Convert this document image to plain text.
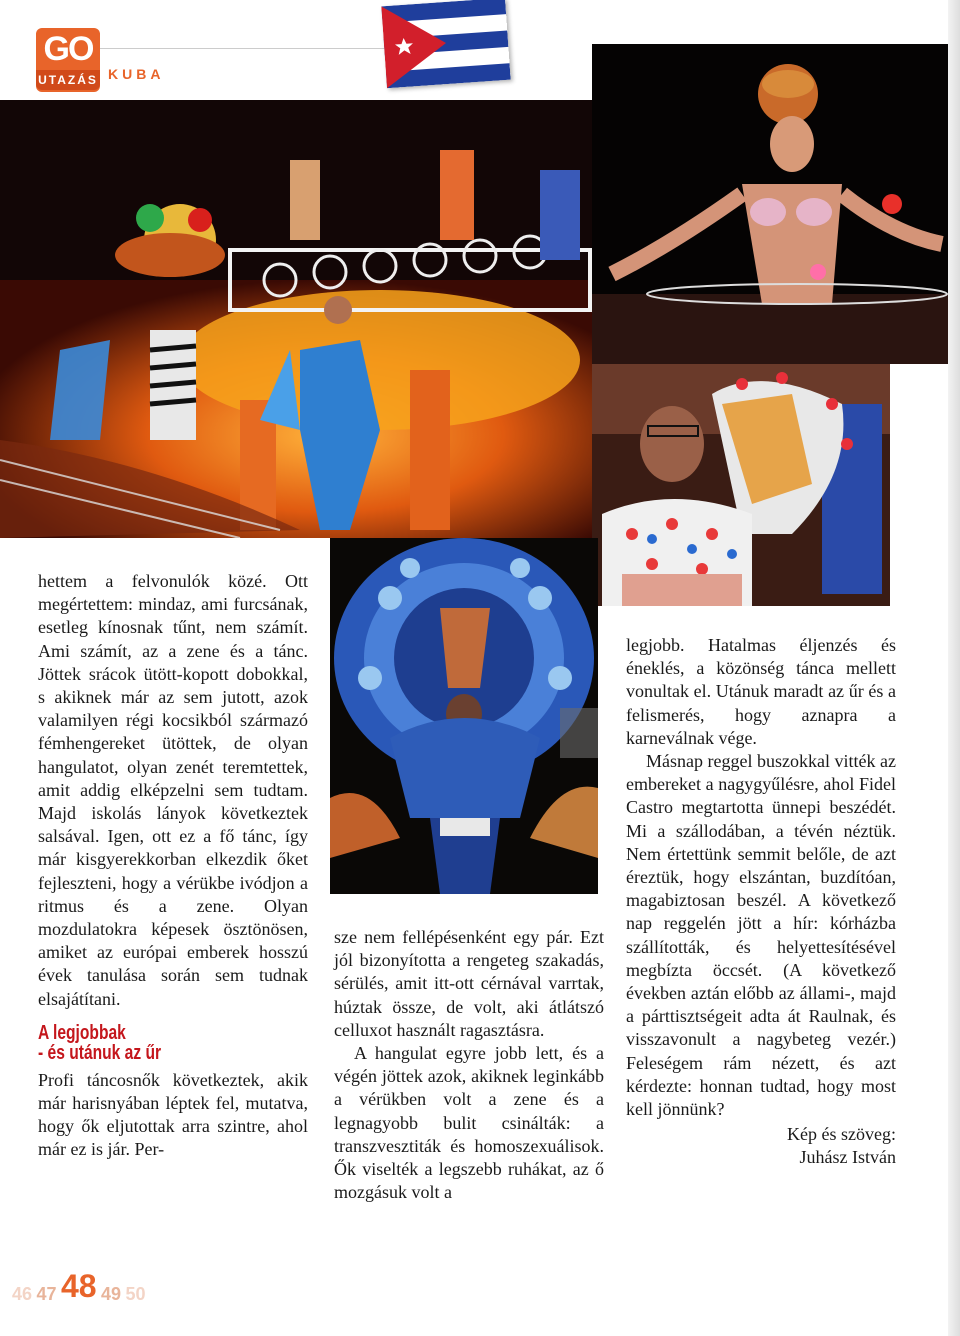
GO
UTAZÁS KUBA

hettem a felvonulók közé. Ott megértettem: mindaz, ami furcsának, esetleg kínosnak tűnt, nem számít. Ami számít, az a zene és a tánc. Jöttek srácok ütött-kopott dobokkal, s akiknek már az sem jutott, azok valamilyen régi kocsikból származó fémhengereket ütöttek, de olyan hangulatot, olyan zenét teremtettek, amit addig elképzelni sem tudtam. Majd iskolás lányok következtek salsával. Igen, ott ez a fő tánc, így már kisgyerekkorban elkezdik őket fejleszteni, hogy a vérükbe ivódjon a ritmus és a zene. Olyan mozdulatokra képesek ösztönösen, amiket az európai emberek hosszú évek tanulása során sem tudnak elsajátítani.

A legjobbak
- és utánuk az űr

Profi táncosnők következtek, akik már harisnyában léptek fel, mutatva, hogy ők eljutottak arra szintre, ahol már ez is jár. Per-

sze nem fellépésenként egy pár. Ezt jól bizonyította a rengeteg szakadás, sérülés, amit itt-ott cérnával varrtak, húztak össze, de volt, aki átlátszó celluxot használt ragasztásra.

A hangulat egyre jobb lett, és a végén jöttek azok, akiknek leginkább a vérükben volt a zene és a legnagyobb bulit csinálták: a transzvesztiták és homoszexuálisok. Ők viselték a legszebb ruhákat, az ő mozgásuk volt a

legjobb. Hatalmas éljenzés és éneklés, a közönség tánca mellett vonultak el. Utánuk maradt az űr és a felismerés, hogy aznapra a karneválnak vége.

Másnap reggel buszokkal vitték az embereket a nagygyűlésre, ahol Fidel Castro megtartotta ünnepi beszédét. Mi a szállodában, a tévén néztük. Nem értettünk semmit belőle, de azt éreztük, hogy elszántan, buzdítóan, magabiztosan beszél. A következő nap reggelén jött a hír: kórházba szállították, és helyettesítésével megbízta öccsét. (A következő években aztán előbb az állami-, majd a párttisztségeit adta át Raulnak, és visszavonult a nagybeteg vezér.) Feleségem rám nézett, és azt kérdezte: honnan tudtad, hogy most kell jönnünk?

Kép és szöveg:
Juhász István
46 47 48 49 50
